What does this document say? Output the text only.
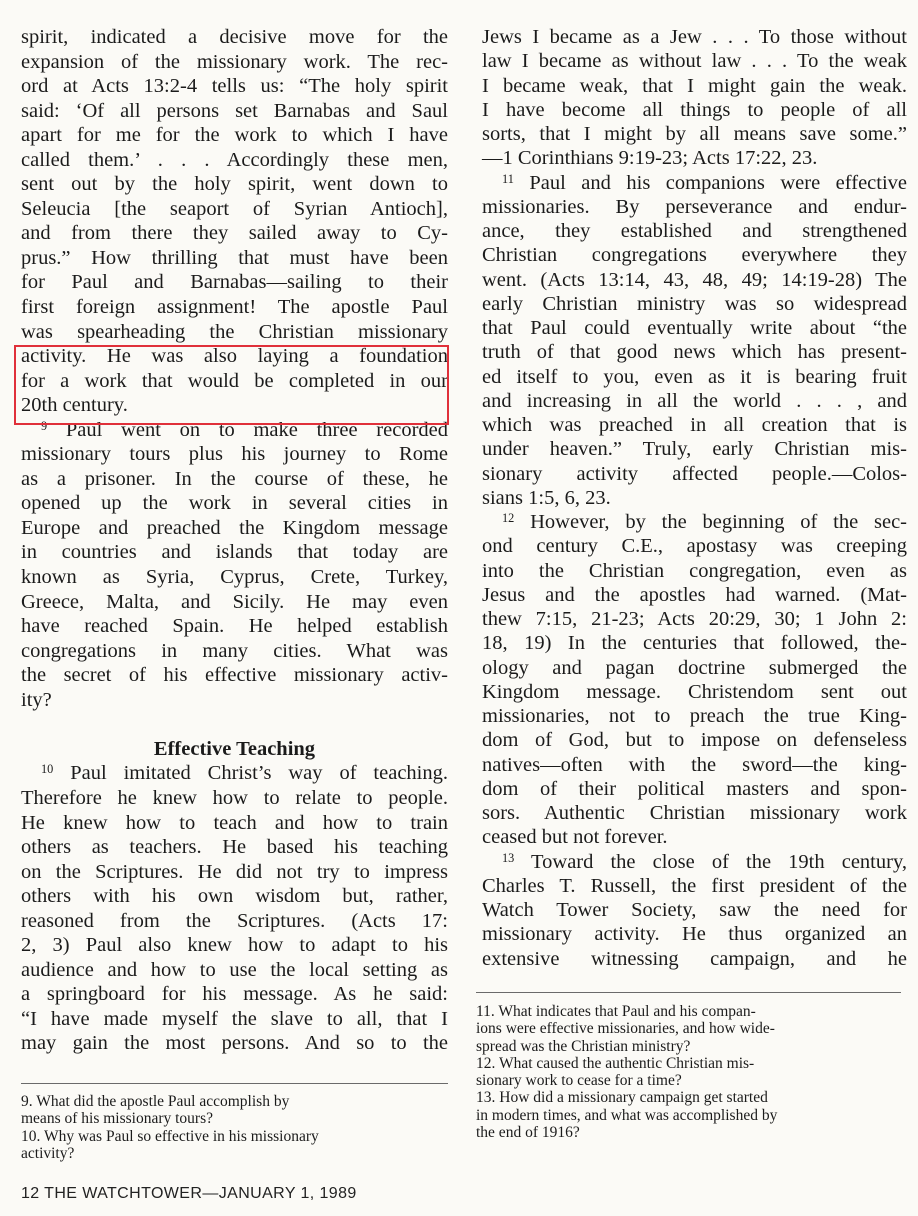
spirit, indicated a decisive move for the
expansion of the missionary work. The rec-
ord at Acts 13:2-4 tells us: “The holy spirit
said: ‘Of all persons set Barnabas and Saul
apart for me for the work to which I have
called them.’ . . . Accordingly these men,
sent out by the holy spirit, went down to
Seleucia [the seaport of Syrian Antioch],
and from there they sailed away to Cy-
prus.” How thrilling that must have been
for Paul and Barnabas—sailing to their
first foreign assignment! The apostle Paul
was spearheading the Christian missionary
activity. He was also laying a foundation
for a work that would be completed in our
20th century.
$^9$ Paul went on to make three recorded
missionary tours plus his journey to Rome
as a prisoner. In the course of these, he
opened up the work in several cities in
Europe and preached the Kingdom message
in countries and islands that today are
known as Syria, Cyprus, Crete, Turkey,
Greece, Malta, and Sicily. He may even
have reached Spain. He helped establish
congregations in many cities. What was
the secret of his effective missionary activ-
ity?

Effective Teaching
$^{10}$ Paul imitated Christ’s way of teaching.
Therefore he knew how to relate to people.
He knew how to teach and how to train
others as teachers. He based his teaching
on the Scriptures. He did not try to impress
others with his own wisdom but, rather,
reasoned from the Scriptures. (Acts 17:
2, 3) Paul also knew how to adapt to his
audience and how to use the local setting as
a springboard for his message. As he said:
“I have made myself the slave to all, that I
may gain the most persons. And so to the
9. What did the apostle Paul accomplish by
means of his missionary tours?
10. Why was Paul so effective in his missionary
activity?
Jews I became as a Jew . . . To those without
law I became as without law . . . To the weak
I became weak, that I might gain the weak.
I have become all things to people of all
sorts, that I might by all means save some.”
—1 Corinthians 9:19-23; Acts 17:22, 23.
$^{11}$ Paul and his companions were effective
missionaries. By perseverance and endur-
ance, they established and strengthened
Christian congregations everywhere they
went. (Acts 13:14, 43, 48, 49; 14:19-28) The
early Christian ministry was so widespread
that Paul could eventually write about “the
truth of that good news which has present-
ed itself to you, even as it is bearing fruit
and increasing in all the world . . . , and
which was preached in all creation that is
under heaven.” Truly, early Christian mis-
sionary activity affected people.—Colos-
sians 1:5, 6, 23.
$^{12}$ However, by the beginning of the sec-
ond century C.E., apostasy was creeping
into the Christian congregation, even as
Jesus and the apostles had warned. (Mat-
thew 7:15, 21-23; Acts 20:29, 30; 1 John 2:
18, 19) In the centuries that followed, the-
ology and pagan doctrine submerged the
Kingdom message. Christendom sent out
missionaries, not to preach the true King-
dom of God, but to impose on defenseless
natives—often with the sword—the king-
dom of their political masters and spon-
sors. Authentic Christian missionary work
ceased but not forever.
$^{13}$ Toward the close of the 19th century,
Charles T. Russell, the first president of the
Watch Tower Society, saw the need for
missionary activity. He thus organized an
extensive witnessing campaign, and he
11. What indicates that Paul and his compan-
ions were effective missionaries, and how wide-
spread was the Christian ministry?
12. What caused the authentic Christian mis-
sionary work to cease for a time?
13. How did a missionary campaign get started
in modern times, and what was accomplished by
the end of 1916?
12 THE WATCHTOWER—JANUARY 1, 1989
